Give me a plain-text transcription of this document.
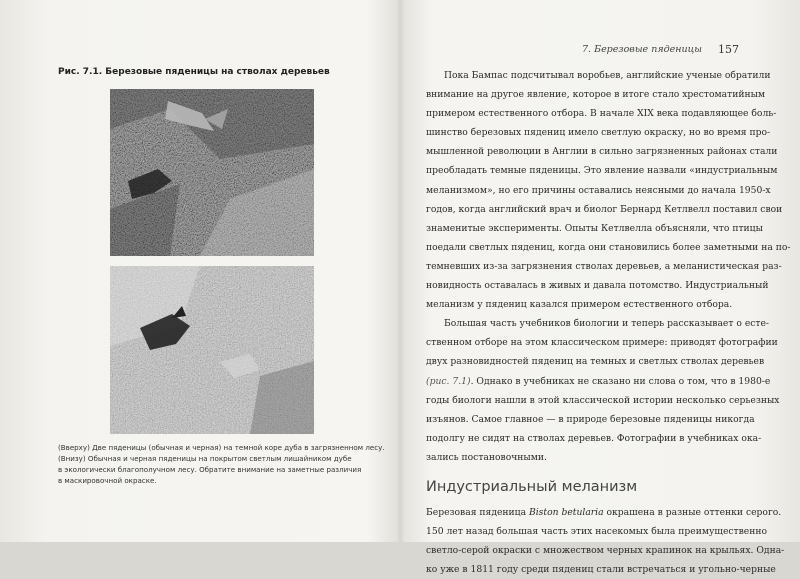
Рис. 7.1. Березовые пяденицы на стволах деревьев
(Вверху) Две пяденицы (обычная и черная) на темной коре дуба в загрязненном лесу.
(Внизу) Обычная и черная пяденицы на покрытом светлым лишайником дубе
в экологически благополучном лесу. Обратите внимание на заметные различия
в маскировочной окраске.
7. Березовые пяденицы 157
Пока Бампас подсчитывал воробьев, английские ученые обратили
внимание на другое явление, которое в итоге стало хрестоматийным
примером естественного отбора. В начале XIX века подавляющее боль-
шинство березовых пядениц имело светлую окраску, но во время про-
мышленной революции в Англии в сильно загрязненных районах стали
преобладать темные пяденицы. Это явление назвали «индустриальным
меланизмом», но его причины оставались неясными до начала 1950-х
годов, когда английский врач и биолог Бернард Кетлвелл поставил свои
знаменитые эксперименты. Опыты Кетлвелла объясняли, что птицы
поедали светлых пядениц, когда они становились более заметными на по-
темневших из-за загрязнения стволах деревьев, а меланистическая раз-
новидность оставалась в живых и давала потомство. Индустриальный
меланизм у пядениц казался примером естественного отбора.
Большая часть учебников биологии и теперь рассказывает о есте-
ственном отборе на этом классическом примере: приводят фотографии
двух разновидностей пядениц на темных и светлых стволах деревьев
(рис. 7.1). Однако в учебниках не сказано ни слова о том, что в 1980-е
годы биологи нашли в этой классической истории несколько серьезных
изъянов. Самое главное — в природе березовые пяденицы никогда
подолгу не сидят на стволах деревьев. Фотографии в учебниках ока-
зались постановочными.
Индустриальный меланизм
Березовая пяденица Biston betularia окрашена в разные оттенки серого.
150 лет назад большая часть этих насекомых была преимущественно
светло-серой окраски с множеством черных крапинок на крыльях. Одна-
ко уже в 1811 году среди пядениц стали встречаться и угольно-черные
